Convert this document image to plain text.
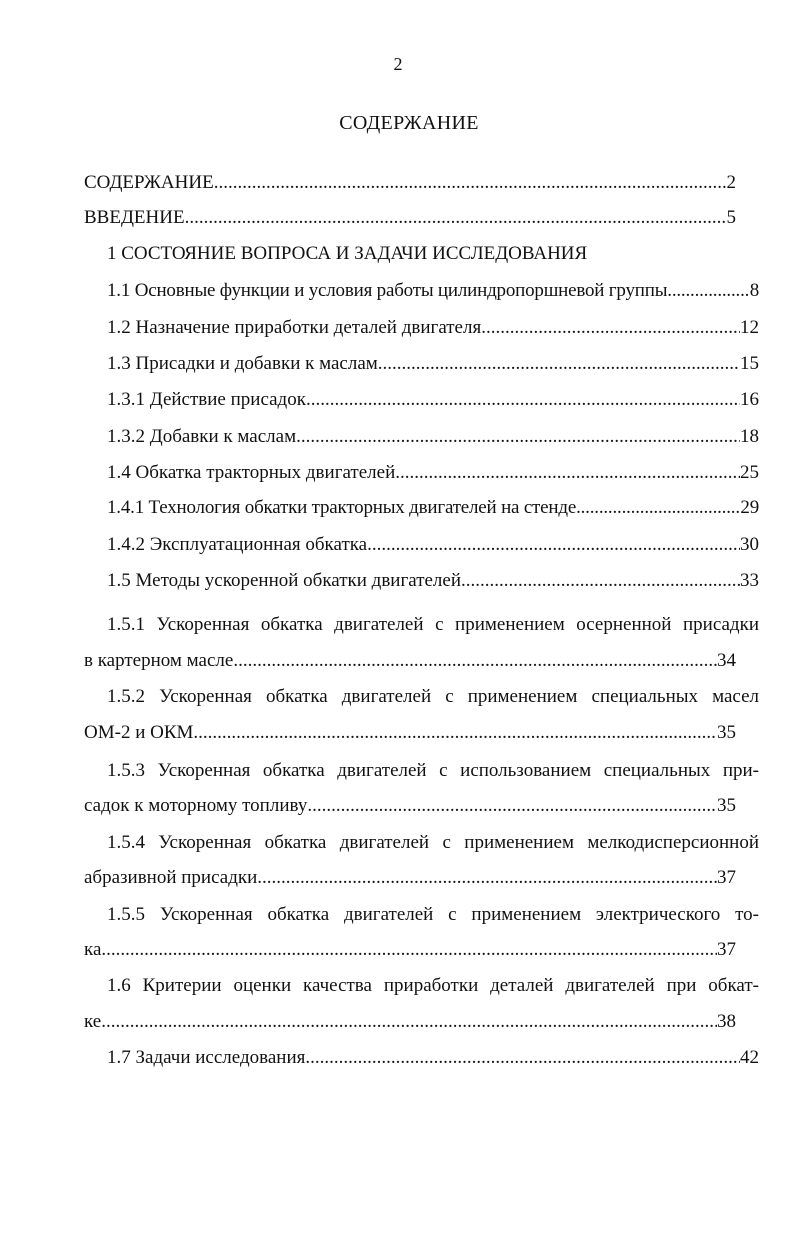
2
СОДЕРЖАНИЕ
СОДЕРЖАНИЕ .....	2
ВВЕДЕНИЕ .....	5
1 СОСТОЯНИЕ ВОПРОСА И ЗАДАЧИ ИССЛЕДОВАНИЯ
1.1 Основные функции и условия работы цилиндропоршневой группы .....	8
1.2 Назначение приработки деталей двигателя .....	12
1.3 Присадки и добавки к маслам .....	15
1.3.1 Действие присадок .....	16
1.3.2 Добавки к маслам .....	18
1.4 Обкатка тракторных двигателей .....	25
1.4.1 Технология обкатки тракторных двигателей на стенде .....	29
1.4.2 Эксплуатационная обкатка .....	30
1.5 Методы ускоренной обкатки двигателей .....	33
1.5.1 Ускоренная обкатка двигателей с применением осерненной присадки
в картерном масле .....	34
1.5.2 Ускоренная обкатка двигателей с применением специальных масел
ОМ-2 и ОКМ .....	35
1.5.3 Ускоренная обкатка двигателей с использованием специальных при-
садок к моторному топливу .....	35
1.5.4 Ускоренная обкатка двигателей с применением мелкодисперсионной
абразивной присадки .....	37
1.5.5 Ускоренная обкатка двигателей с применением электрического то-
ка .....	37
1.6 Критерии оценки качества приработки деталей двигателей при обкат-
ке .....	38
1.7 Задачи исследования .....	42
